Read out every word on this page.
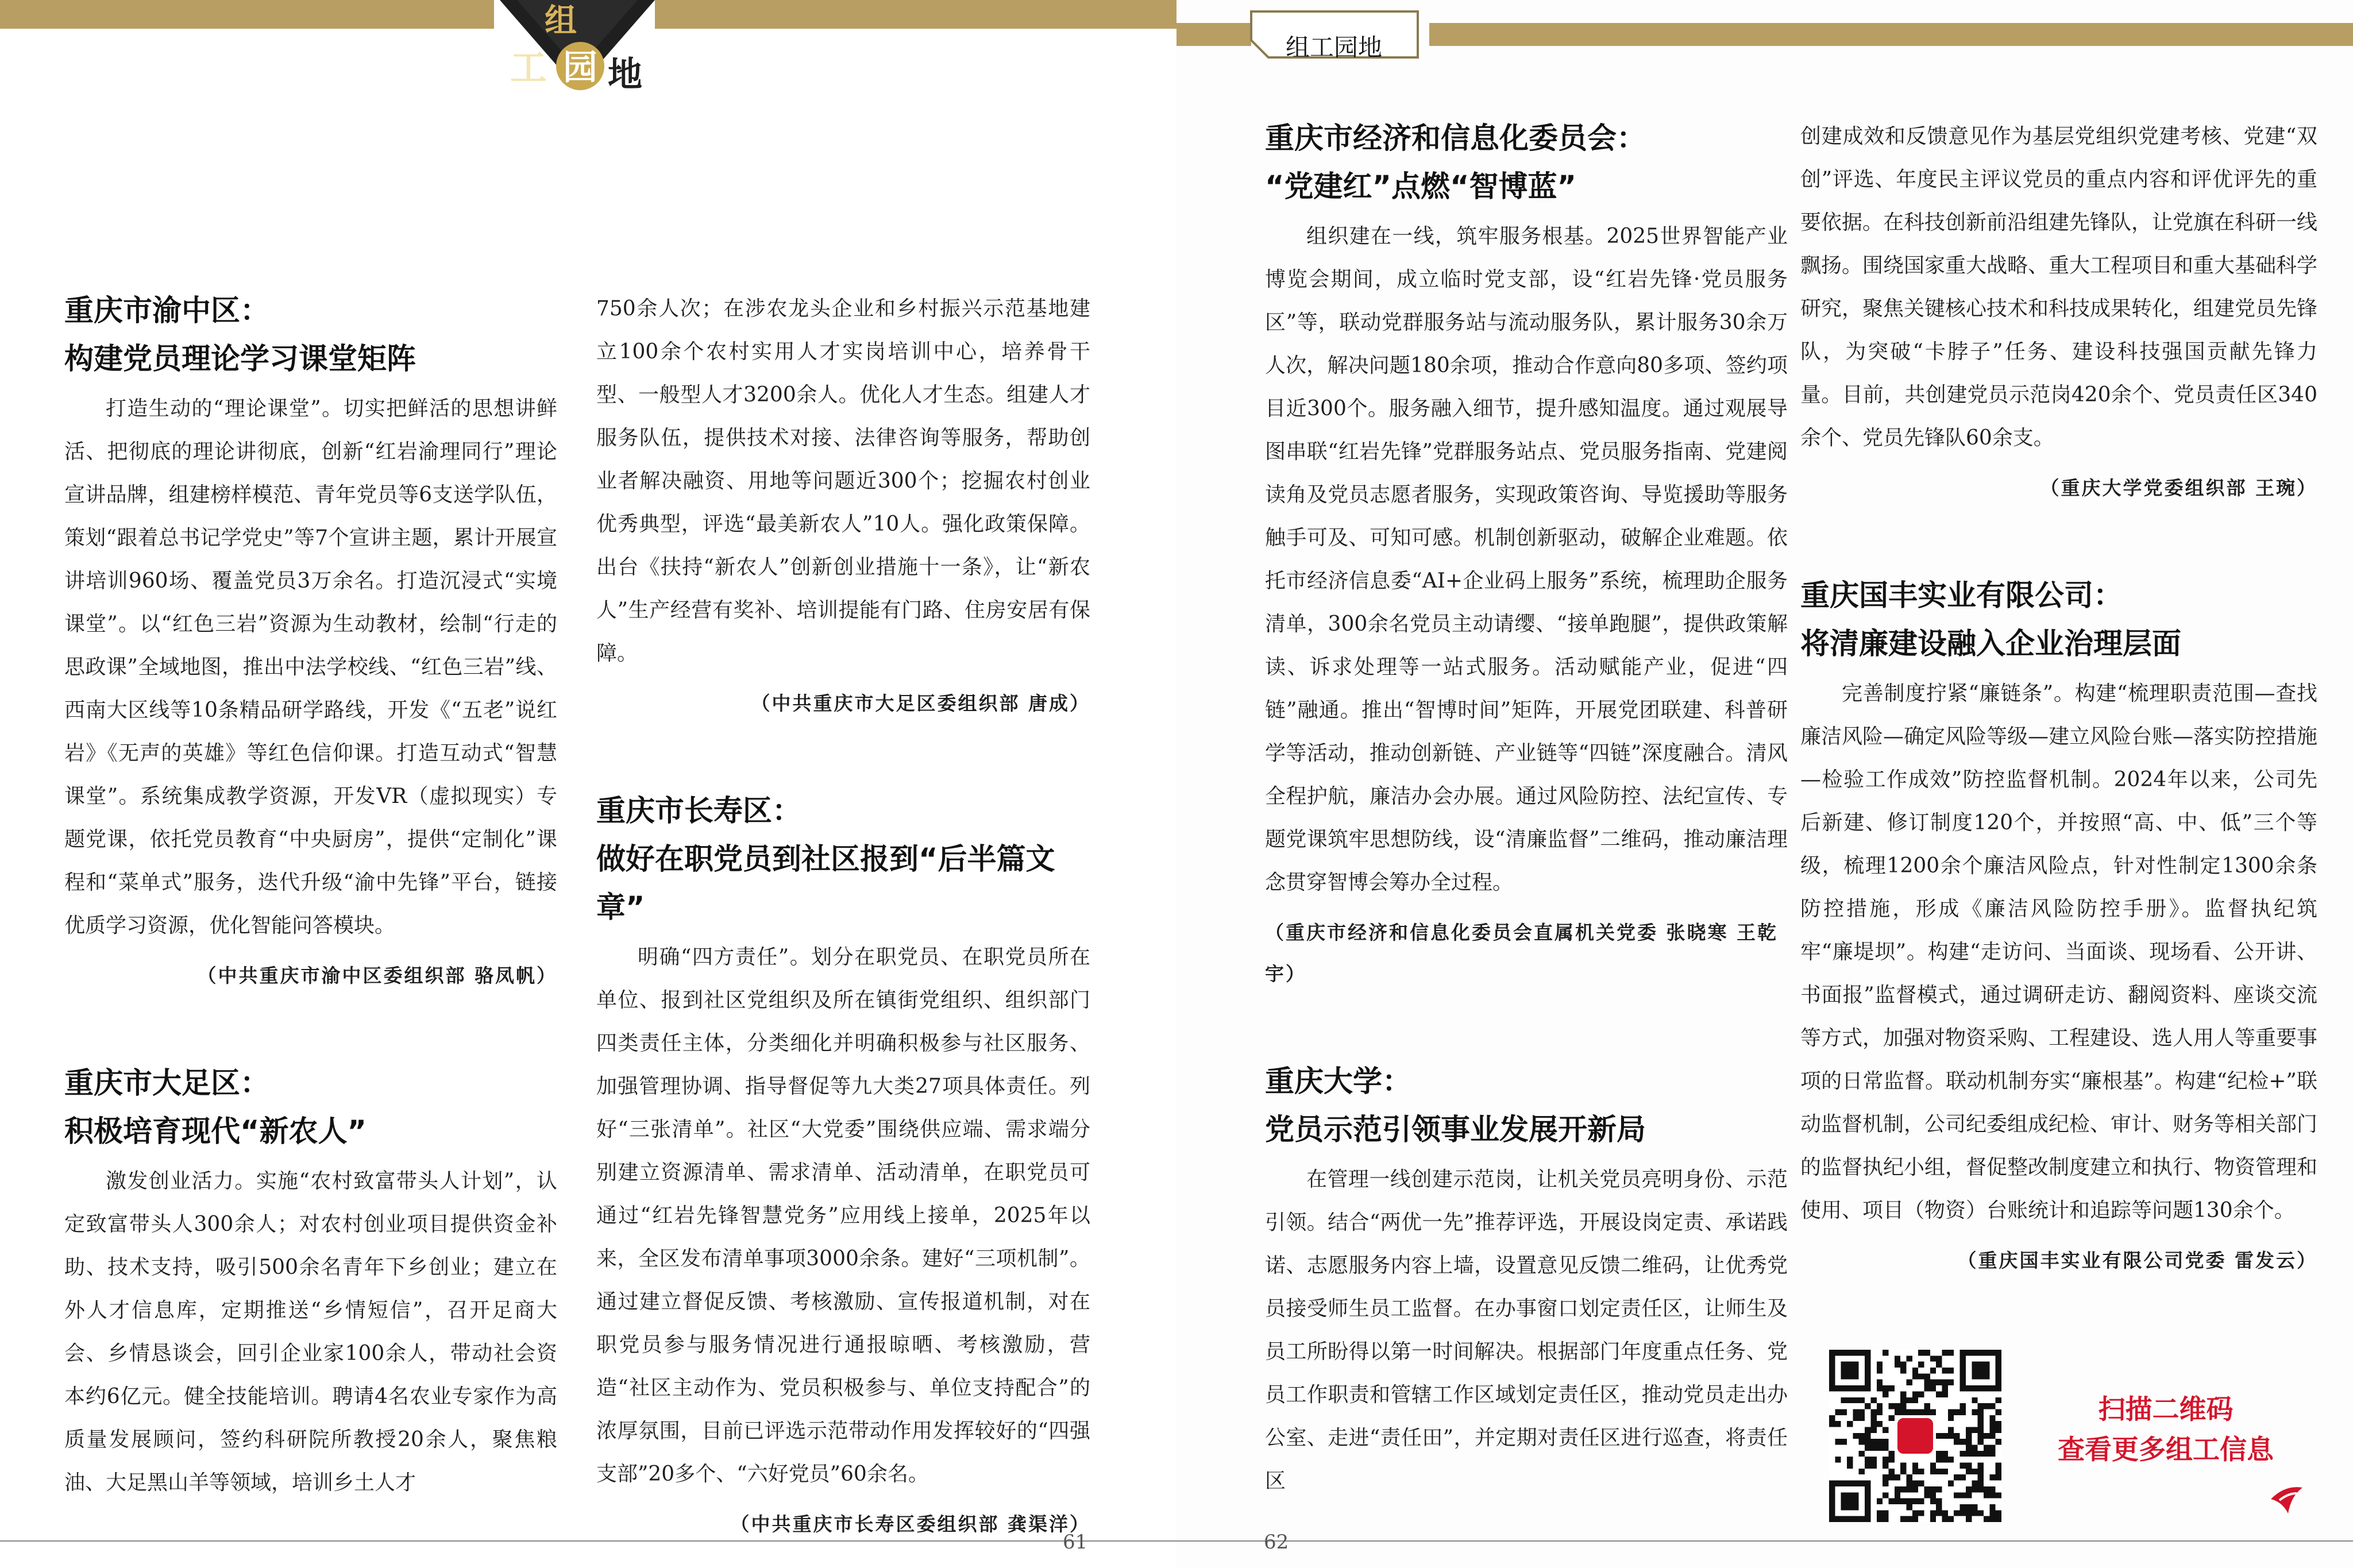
组
工 园 地
重庆市渝中区：
构建党员理论学习课堂矩阵
打造生动的“理论课堂”。切实把鲜活的思想讲鲜活、把彻底的理论讲彻底，创新“红岩渝理同行”理论宣讲品牌，组建榜样模范、青年党员等6支送学队伍，策划“跟着总书记学党史”等7个宣讲主题，累计开展宣讲培训960场、覆盖党员3万余名。打造沉浸式“实境课堂”。以“红色三岩”资源为生动教材，绘制“行走的思政课”全域地图，推出中法学校线、“红色三岩”线、西南大区线等10条精品研学路线，开发《“五老”说红岩》《无声的英雄》等红色信仰课。打造互动式“智慧课堂”。系统集成教学资源，开发VR（虚拟现实）专题党课，依托党员教育“中央厨房”，提供“定制化”课程和“菜单式”服务，迭代升级“渝中先锋”平台，链接优质学习资源，优化智能问答模块。
（中共重庆市渝中区委组织部 骆凤帆）
重庆市大足区：
积极培育现代“新农人”
激发创业活力。实施“农村致富带头人计划”，认定致富带头人300余人；对农村创业项目提供资金补助、技术支持，吸引500余名青年下乡创业；建立在外人才信息库，定期推送“乡情短信”，召开足商大会、乡情恳谈会，回引企业家100余人，带动社会资本约6亿元。健全技能培训。聘请4名农业专家作为高质量发展顾问，签约科研院所教授20余人，聚焦粮油、大足黑山羊等领域，培训乡土人才
750余人次；在涉农龙头企业和乡村振兴示范基地建立100余个农村实用人才实岗培训中心，培养骨干型、一般型人才3200余人。优化人才生态。组建人才服务队伍，提供技术对接、法律咨询等服务，帮助创业者解决融资、用地等问题近300个；挖掘农村创业优秀典型，评选“最美新农人”10人。强化政策保障。出台《扶持“新农人”创新创业措施十一条》，让“新农人”生产经营有奖补、培训提能有门路、住房安居有保障。
（中共重庆市大足区委组织部 唐成）
重庆市长寿区：
做好在职党员到社区报到“后半篇文章”
明确“四方责任”。划分在职党员、在职党员所在单位、报到社区党组织及所在镇街党组织、组织部门四类责任主体，分类细化并明确积极参与社区服务、加强管理协调、指导督促等九大类27项具体责任。列好“三张清单”。社区“大党委”围绕供应端、需求端分别建立资源清单、需求清单、活动清单，在职党员可通过“红岩先锋智慧党务”应用线上接单，2025年以来，全区发布清单事项3000余条。建好“三项机制”。通过建立督促反馈、考核激励、宣传报道机制，对在职党员参与服务情况进行通报晾晒、考核激励，营造“社区主动作为、党员积极参与、单位支持配合”的浓厚氛围，目前已评选示范带动作用发挥较好的“四强支部”20多个、“六好党员”60余名。
（中共重庆市长寿区委组织部 龚渠洋）
61
组工园地
重庆市经济和信息化委员会：
“党建红”点燃“智博蓝”
组织建在一线，筑牢服务根基。2025世界智能产业博览会期间，成立临时党支部，设“红岩先锋·党员服务区”等，联动党群服务站与流动服务队，累计服务30余万人次，解决问题180余项，推动合作意向80多项、签约项目近300个。服务融入细节，提升感知温度。通过观展导图串联“红岩先锋”党群服务站点、党员服务指南、党建阅读角及党员志愿者服务，实现政策咨询、导览援助等服务触手可及、可知可感。机制创新驱动，破解企业难题。依托市经济信息委“AI+企业码上服务”系统，梳理助企服务清单，300余名党员主动请缨、“接单跑腿”，提供政策解读、诉求处理等一站式服务。活动赋能产业，促进“四链”融通。推出“智博时间”矩阵，开展党团联建、科普研学等活动，推动创新链、产业链等“四链”深度融合。清风全程护航，廉洁办会办展。通过风险防控、法纪宣传、专题党课筑牢思想防线，设“清廉监督”二维码，推动廉洁理念贯穿智博会筹办全过程。
（重庆市经济和信息化委员会直属机关党委 张晓寒 王乾宇）
重庆大学：
党员示范引领事业发展开新局
在管理一线创建示范岗，让机关党员亮明身份、示范引领。结合“两优一先”推荐评选，开展设岗定责、承诺践诺、志愿服务内容上墙，设置意见反馈二维码，让优秀党员接受师生员工监督。在办事窗口划定责任区，让师生及员工所盼得以第一时间解决。根据部门年度重点任务、党员工作职责和管辖工作区域划定责任区，推动党员走出办公室、走进“责任田”，并定期对责任区进行巡查，将责任区
创建成效和反馈意见作为基层党组织党建考核、党建“双创”评选、年度民主评议党员的重点内容和评优评先的重要依据。在科技创新前沿组建先锋队，让党旗在科研一线飘扬。围绕国家重大战略、重大工程项目和重大基础科学研究，聚焦关键核心技术和科技成果转化，组建党员先锋队，为突破“卡脖子”任务、建设科技强国贡献先锋力量。目前，共创建党员示范岗420余个、党员责任区340余个、党员先锋队60余支。
（重庆大学党委组织部 王琬）
重庆国丰实业有限公司：
将清廉建设融入企业治理层面
完善制度拧紧“廉链条”。构建“梳理职责范围—查找廉洁风险—确定风险等级—建立风险台账—落实防控措施—检验工作成效”防控监督机制。2024年以来，公司先后新建、修订制度120个，并按照“高、中、低”三个等级，梳理1200余个廉洁风险点，针对性制定1300余条防控措施，形成《廉洁风险防控手册》。监督执纪筑牢“廉堤坝”。构建“走访问、当面谈、现场看、公开讲、书面报”监督模式，通过调研走访、翻阅资料、座谈交流等方式，加强对物资采购、工程建设、选人用人等重要事项的日常监督。联动机制夯实“廉根基”。构建“纪检+”联动监督机制，公司纪委组成纪检、审计、财务等相关部门的监督执纪小组，督促整改制度建立和执行、物资管理和使用、项目（物资）台账统计和追踪等问题130余个。
（重庆国丰实业有限公司党委 雷发云）
扫描二维码
查看更多组工信息
62
